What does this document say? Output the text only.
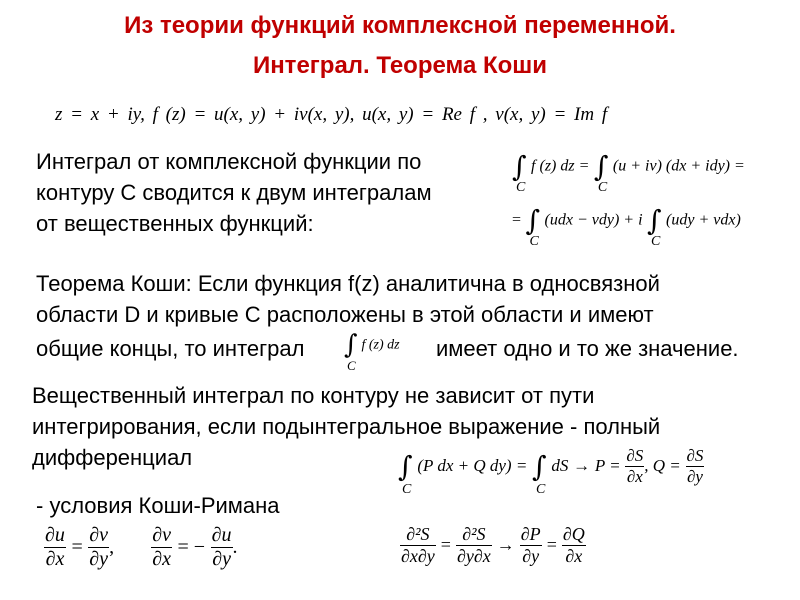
Из теории функций комплексной переменной.
Интеграл. Теорема Коши
z = x + iy, f (z) = u(x, y) + iv(x, y), u(x, y) = Re f , v(x, y) = Im f
Интеграл от комплексной функции по
контуру C сводится к двум интегралам
от вещественных функций:
∫
C
f (z) dz = ∫
C
(u + iv) (dx + idy) =
= ∫
C
(udx − vdy) + i ∫
C
(udy + vdx)
Теорема Коши: Если функция f(z) аналитична в односвязной
области D и кривые C расположены в этой области и имеют
общие концы, то интеграл ∫
C
f (z) dz имеет одно и то же значение.
Вещественный интеграл по контуру не зависит от пути
интегрирования, если подынтегральное выражение - полный
дифференциал	∫
C
(P dx + Q dy) = ∫
C
dS → $P = \frac{\partial S}{\partial x}$ , $Q = \frac{\partial S}{\partial y}$
- условия Коши-Римана
$\frac{\partial u}{\partial x} = \frac{\partial v}{\partial y}$ , $\frac{\partial v}{\partial x}$ = − $\frac{\partial u}{\partial y}$ .	$\frac{\text{∂²S}}{\partial x\partial y} = \frac{\text{∂²S}}{\partial y\partial x} \to \frac{\partial P}{\partial y} = \frac{\partial Q}{\partial x}$
